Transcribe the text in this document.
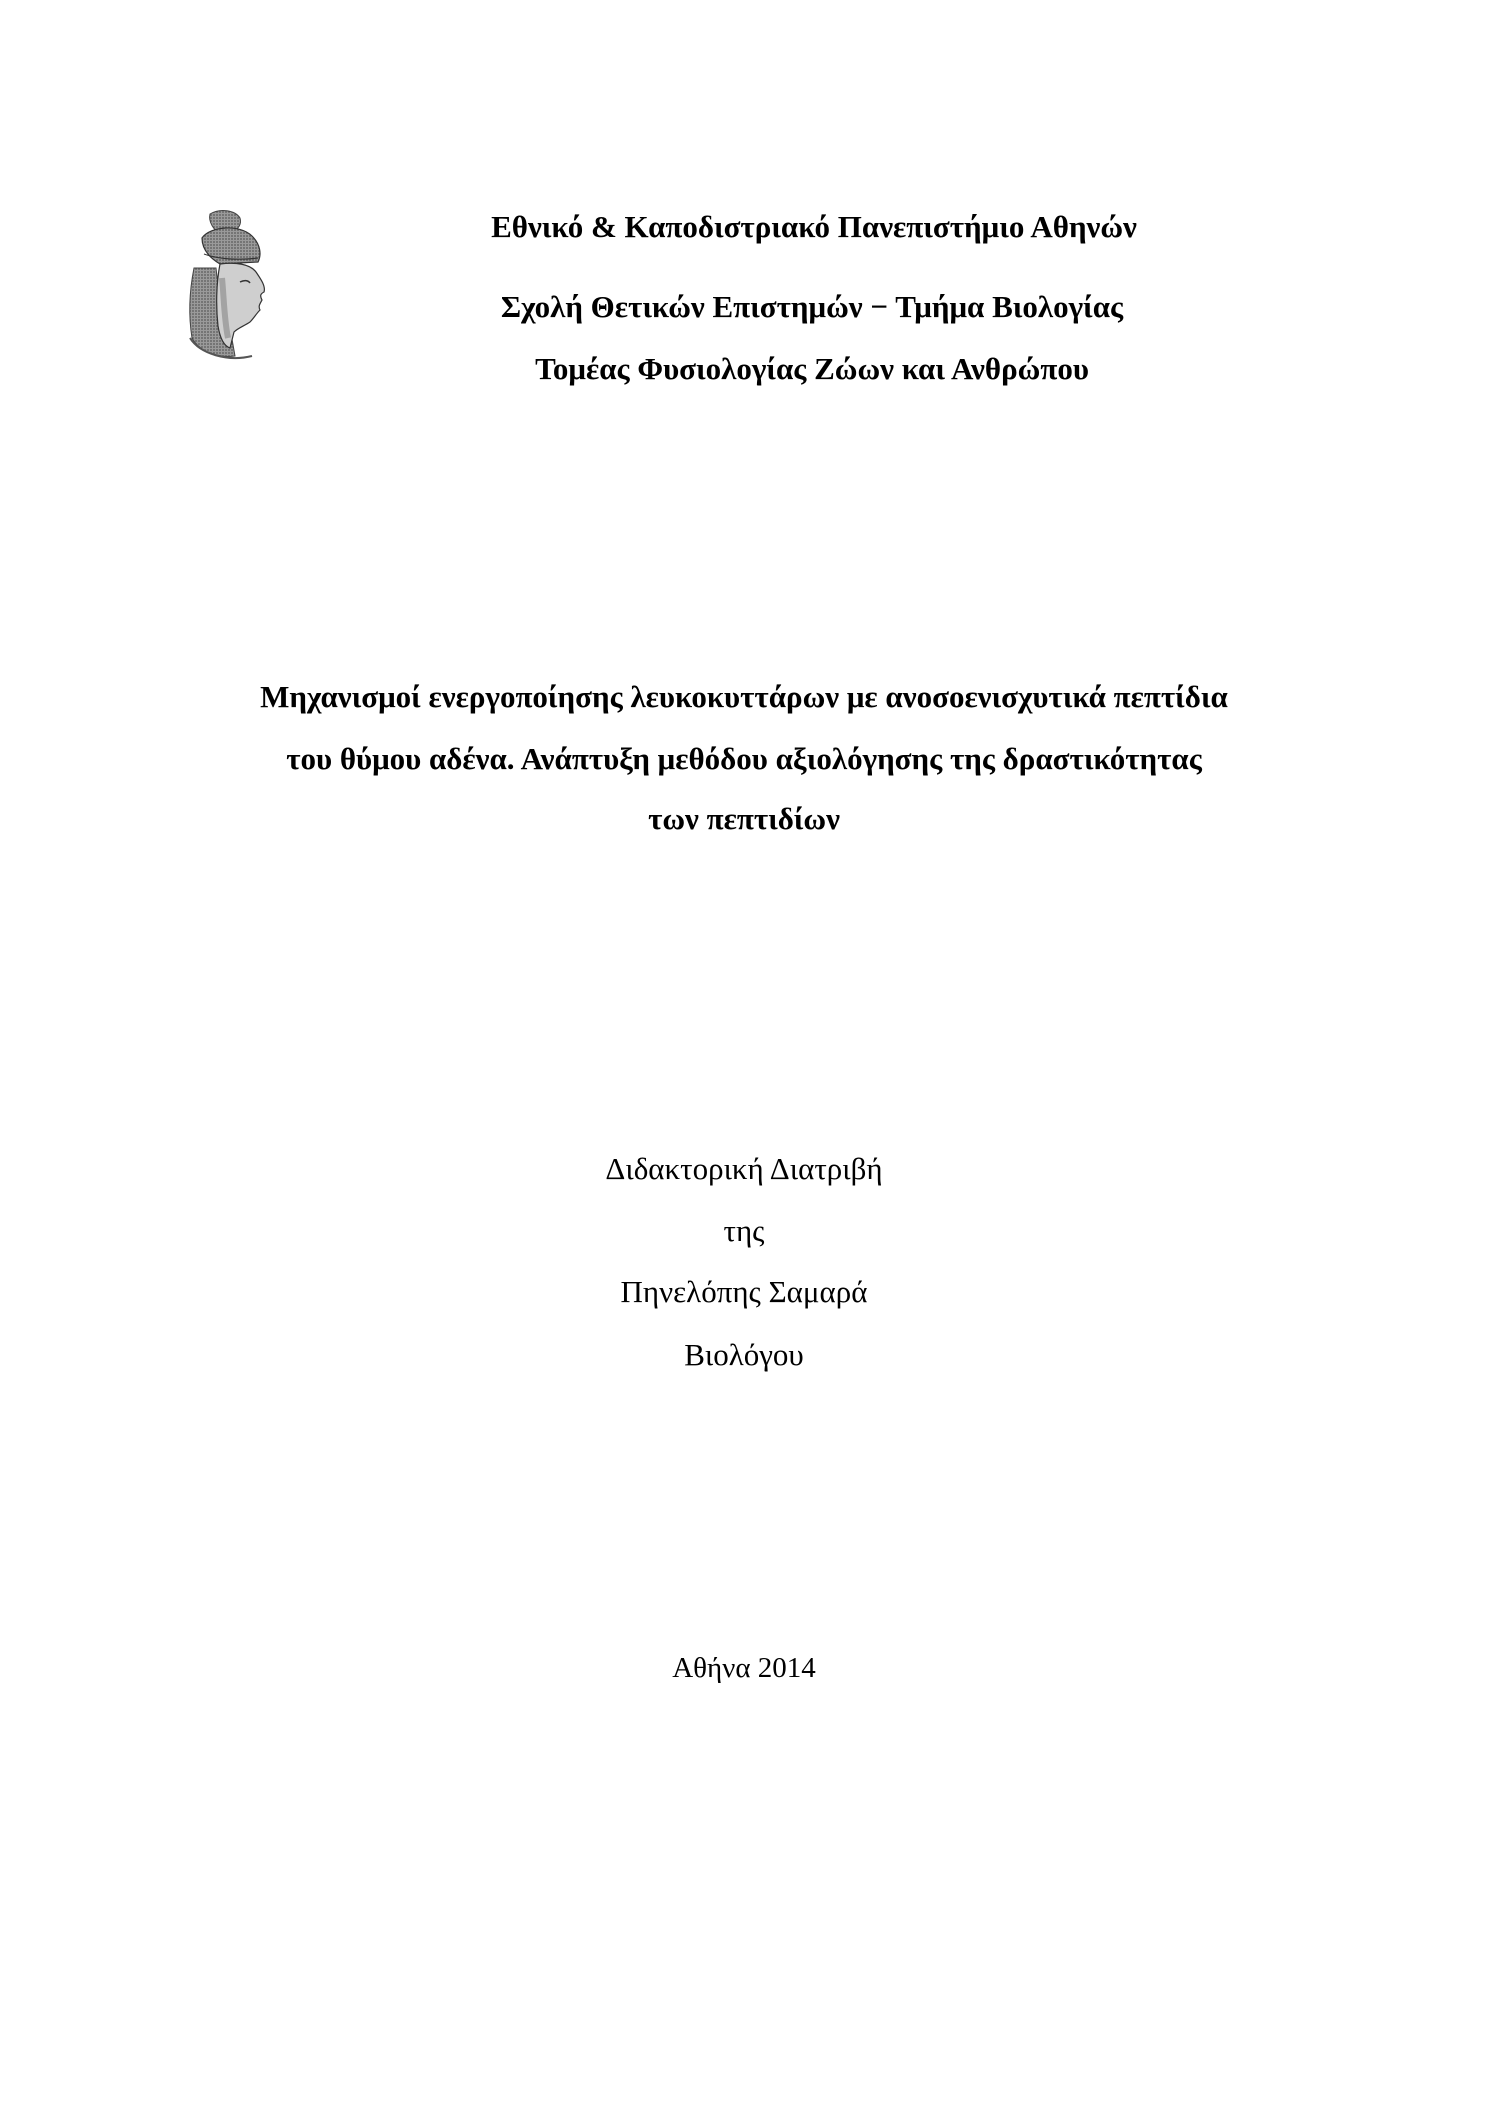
Εθνικό & Καποδιστριακό Πανεπιστήμιο Αθηνών
Σχολή Θετικών Επιστημών − Τμήμα Βιολογίας
Τομέας Φυσιολογίας Ζώων και Ανθρώπου
Μηχανισμοί ενεργοποίησης λευκοκυττάρων με ανοσοενισχυτικά πεπτίδια
του θύμου αδένα. Ανάπτυξη μεθόδου αξιολόγησης της δραστικότητας
των πεπτιδίων
Διδακτορική Διατριβή
της
Πηνελόπης Σαμαρά
Βιολόγου
Αθήνα 2014
